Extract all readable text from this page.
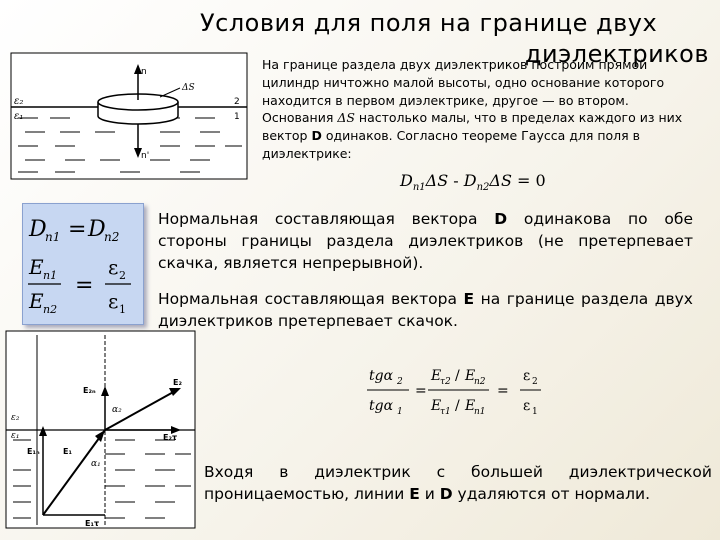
Условия для поля на границе двух
диэлектриков
n
ΔS
n'
ε₂
ε₁
2
1
На границе раздела двух диэлектриков построим прямой цилиндр ничтожно малой высоты, одно основание которого находится в первом диэлектрике, другое — во втором. Основания ΔS настолько малы, что в пределах каждого из них вектор D одинаков. Согласно теореме Гаусса для поля в диэлектрике:
$D_{n1}\Delta S - D_{n2}\Delta S = 0$
D
n1 = D
n2
E n1
E n2
=
ε 2
ε 1
Нормальная составляющая вектора D одинакова по обе стороны границы раздела диэлектриков (не претерпевает скачка, является непрерывной).
Нормальная составляющая вектора E на границе раздела двух диэлектриков претерпевает скачок.
tgα 2
tgα 1
=
E
τ2 / E
n2
E
τ1 / E
n1
=
ε 2
ε 1
E₂ₙ
E₂
E₂τ
E₁ₙ	E₁
E₁τ
α₂
α₁
ε₂
ε₁
Входя в диэлектрик с большей диэлектрической проницаемостью, линии E и D удаляются от нормали.
